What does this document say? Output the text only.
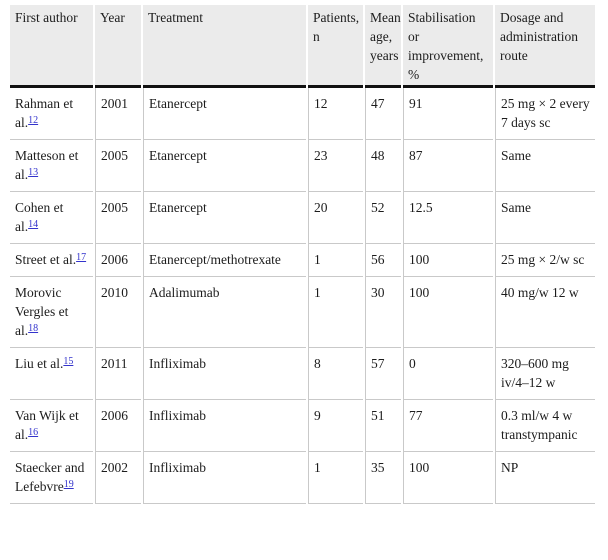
First author	Year	Treatment	Patients, n	Mean age, years	Stabilisation or improvement, %	Dosage and administration route
Rahman et al.$^{12}$	2001	Etanercept	12	47	91	25 mg × 2 every 7 days sc
Matteson et al.$^{13}$	2005	Etanercept	23	48	87	Same
Cohen et al.$^{14}$	2005	Etanercept	20	52	12.5	Same
Street et al.$^{17}$	2006	Etanercept/methotrexate	1	56	100	25 mg × 2/w sc
Morovic Vergles et al.$^{18}$	2010	Adalimumab	1	30	100	40 mg/w 12 w
Liu et al.$^{15}$	2011	Infliximab	8	57	0	320–600 mg iv/4–12 w
Van Wijk et al.$^{16}$	2006	Infliximab	9	51	77	0.3 ml/w 4 w transtympanic
Staecker and Lefebvre$^{19}$	2002	Infliximab	1	35	100	NP
